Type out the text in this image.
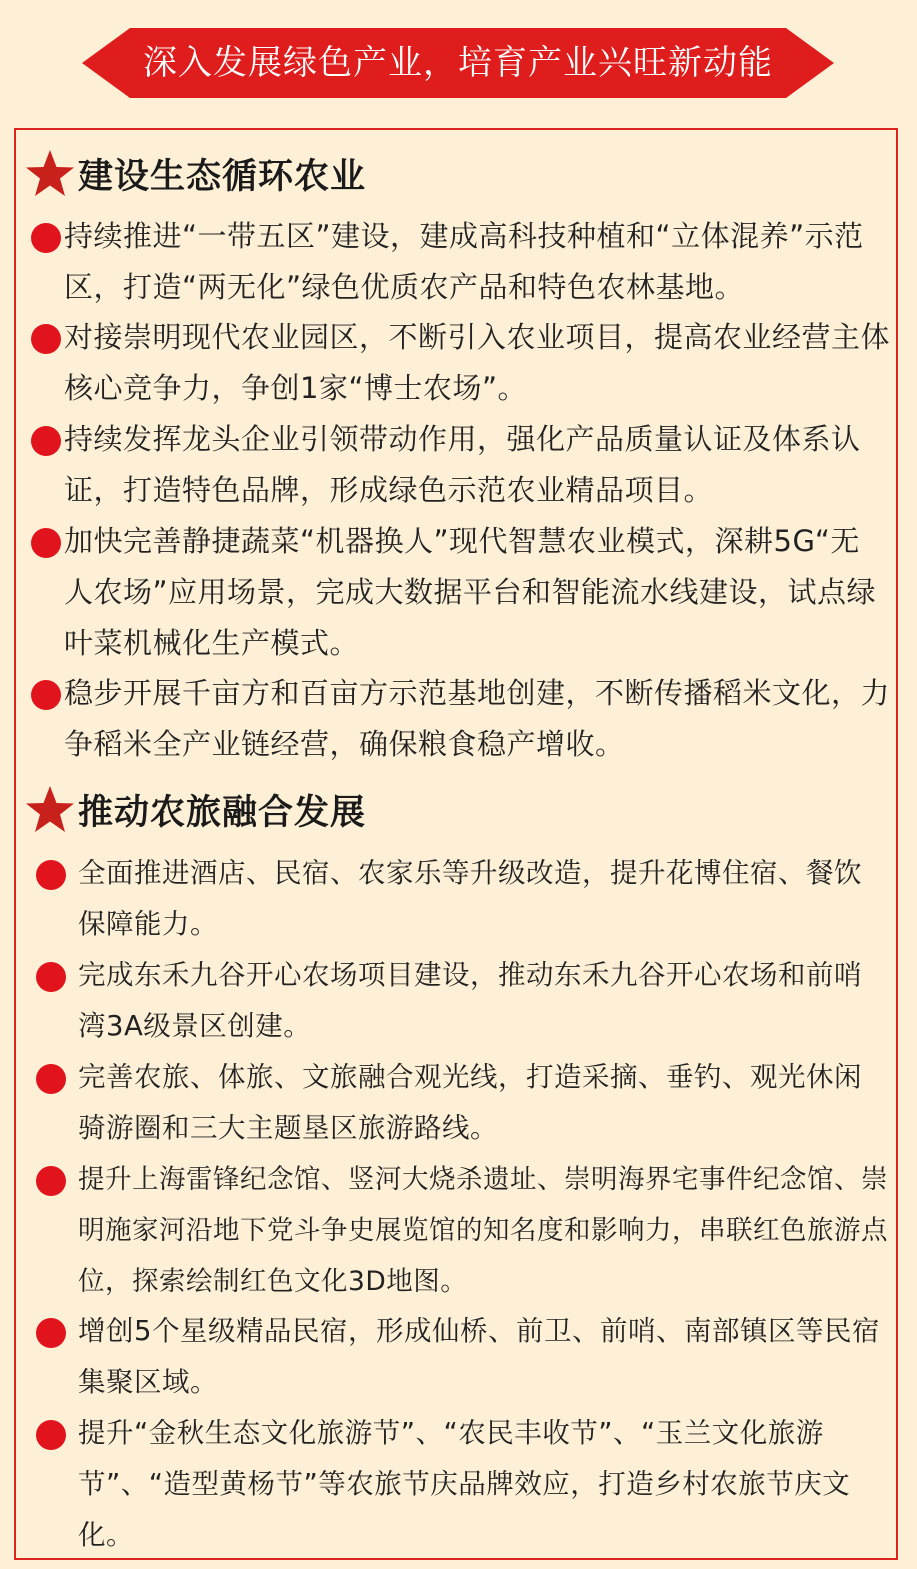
深入发展绿色产业，培育产业兴旺新动能
建设生态循环农业
持续推进“一带五区”建设，建成高科技种植和“立体混养”示范区，打造“两无化”绿色优质农产品和特色农林基地。
对接崇明现代农业园区，不断引入农业项目，提高农业经营主体核心竞争力，争创1家“博士农场”。
持续发挥龙头企业引领带动作用，强化产品质量认证及体系认证，打造特色品牌，形成绿色示范农业精品项目。
加快完善静捷蔬菜“机器换人”现代智慧农业模式，深耕5G“无人农场”应用场景，完成大数据平台和智能流水线建设，试点绿叶菜机械化生产模式。
稳步开展千亩方和百亩方示范基地创建，不断传播稻米文化，力争稻米全产业链经营，确保粮食稳产增收。
推动农旅融合发展
全面推进酒店、民宿、农家乐等升级改造，提升花博住宿、餐饮保障能力。
完成东禾九谷开心农场项目建设，推动东禾九谷开心农场和前哨湾3A级景区创建。
完善农旅、体旅、文旅融合观光线，打造采摘、垂钓、观光休闲骑游圈和三大主题垦区旅游路线。
提升上海雷锋纪念馆、竖河大烧杀遗址、崇明海界宅事件纪念馆、崇明施家河沿地下党斗争史展览馆的知名度和影响力，串联红色旅游点位，探索绘制红色文化3D地图。
增创5个星级精品民宿，形成仙桥、前卫、前哨、南部镇区等民宿集聚区域。
提升“金秋生态文化旅游节”、“农民丰收节”、“玉兰文化旅游节”、“造型黄杨节”等农旅节庆品牌效应，打造乡村农旅节庆文化。
